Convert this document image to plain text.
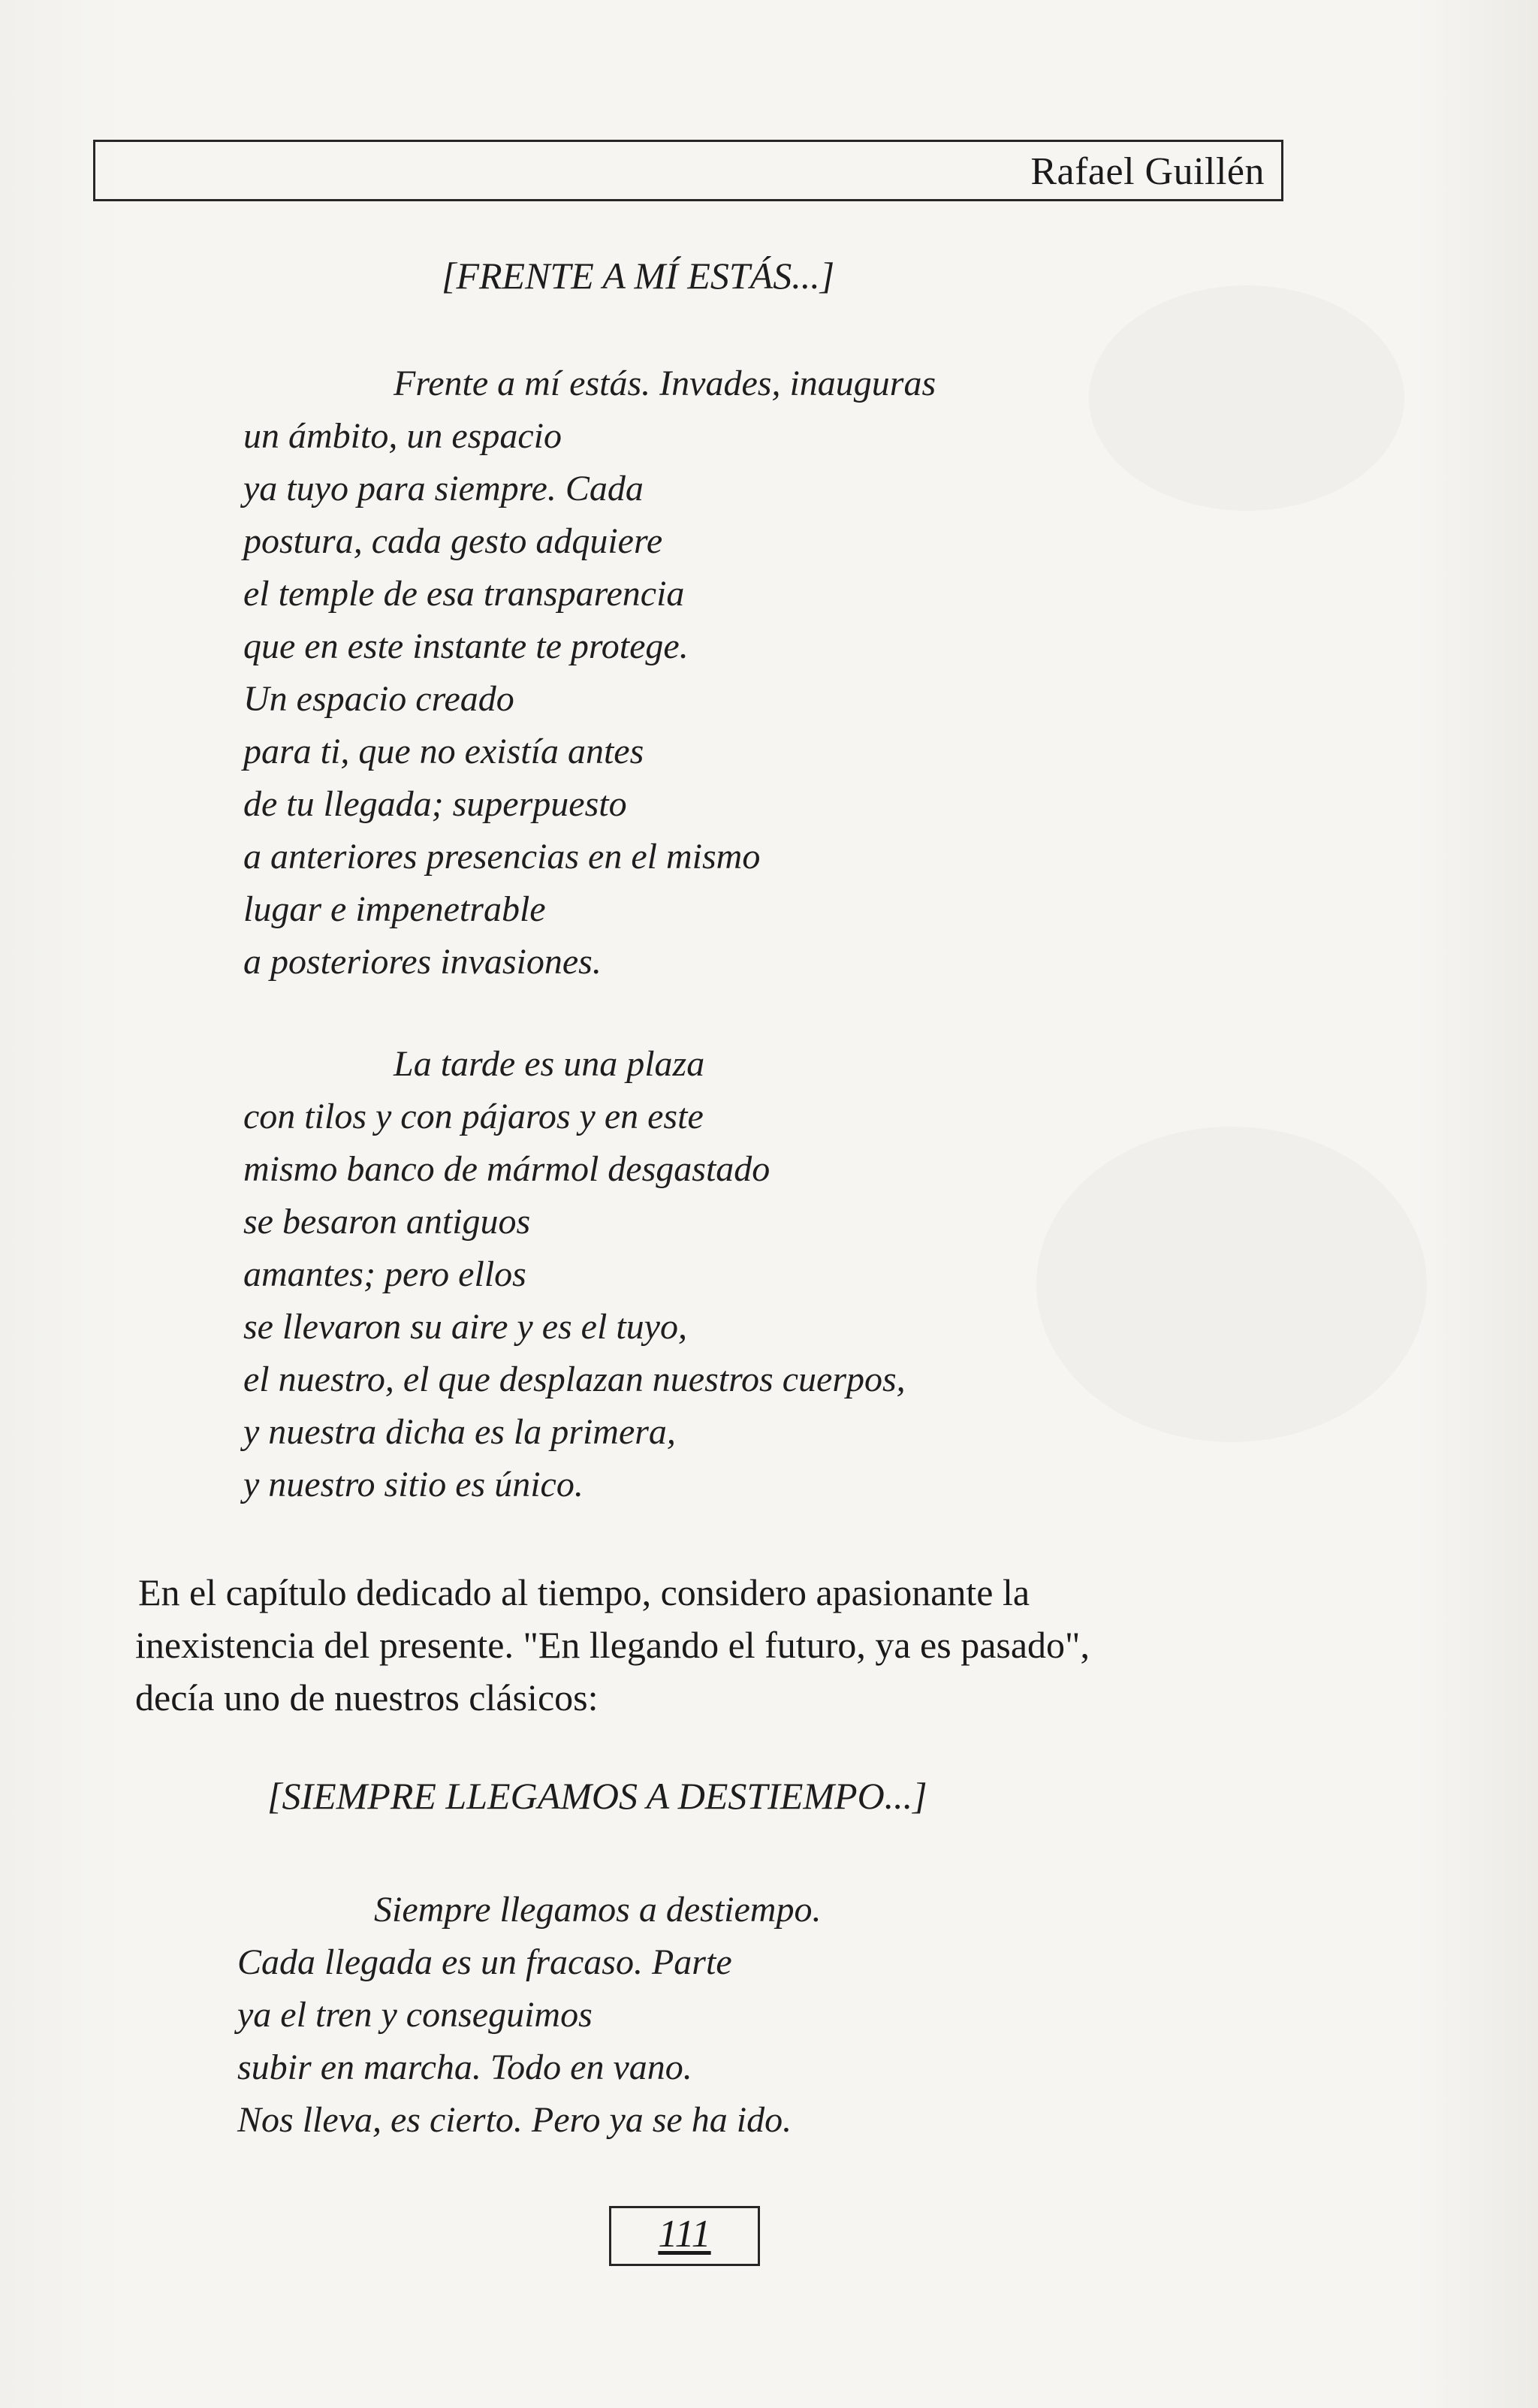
Rafael Guillén
[FRENTE A MÍ ESTÁS...]
Frente a mí estás. Invades, inauguras
un ámbito, un espacio
ya tuyo para siempre. Cada
postura, cada gesto adquiere
el temple de esa transparencia
que en este instante te protege.
Un espacio creado
para ti, que no existía antes
de tu llegada; superpuesto
a anteriores presencias en el mismo
lugar e impenetrable
a posteriores invasiones.
La tarde es una plaza
con tilos y con pájaros y en este
mismo banco de mármol desgastado
se besaron antiguos
amantes; pero ellos
se llevaron su aire y es el tuyo,
el nuestro, el que desplazan nuestros cuerpos,
y nuestra dicha es la primera,
y nuestro sitio es único.

En el capítulo dedicado al tiempo, considero apasionante la
inexistencia del presente. "En llegando el futuro, ya es pasado",
decía uno de nuestros clásicos:

[SIEMPRE LLEGAMOS A DESTIEMPO...]
Siempre llegamos a destiempo.
Cada llegada es un fracaso. Parte
ya el tren y conseguimos
subir en marcha. Todo en vano.
Nos lleva, es cierto. Pero ya se ha ido.
111
